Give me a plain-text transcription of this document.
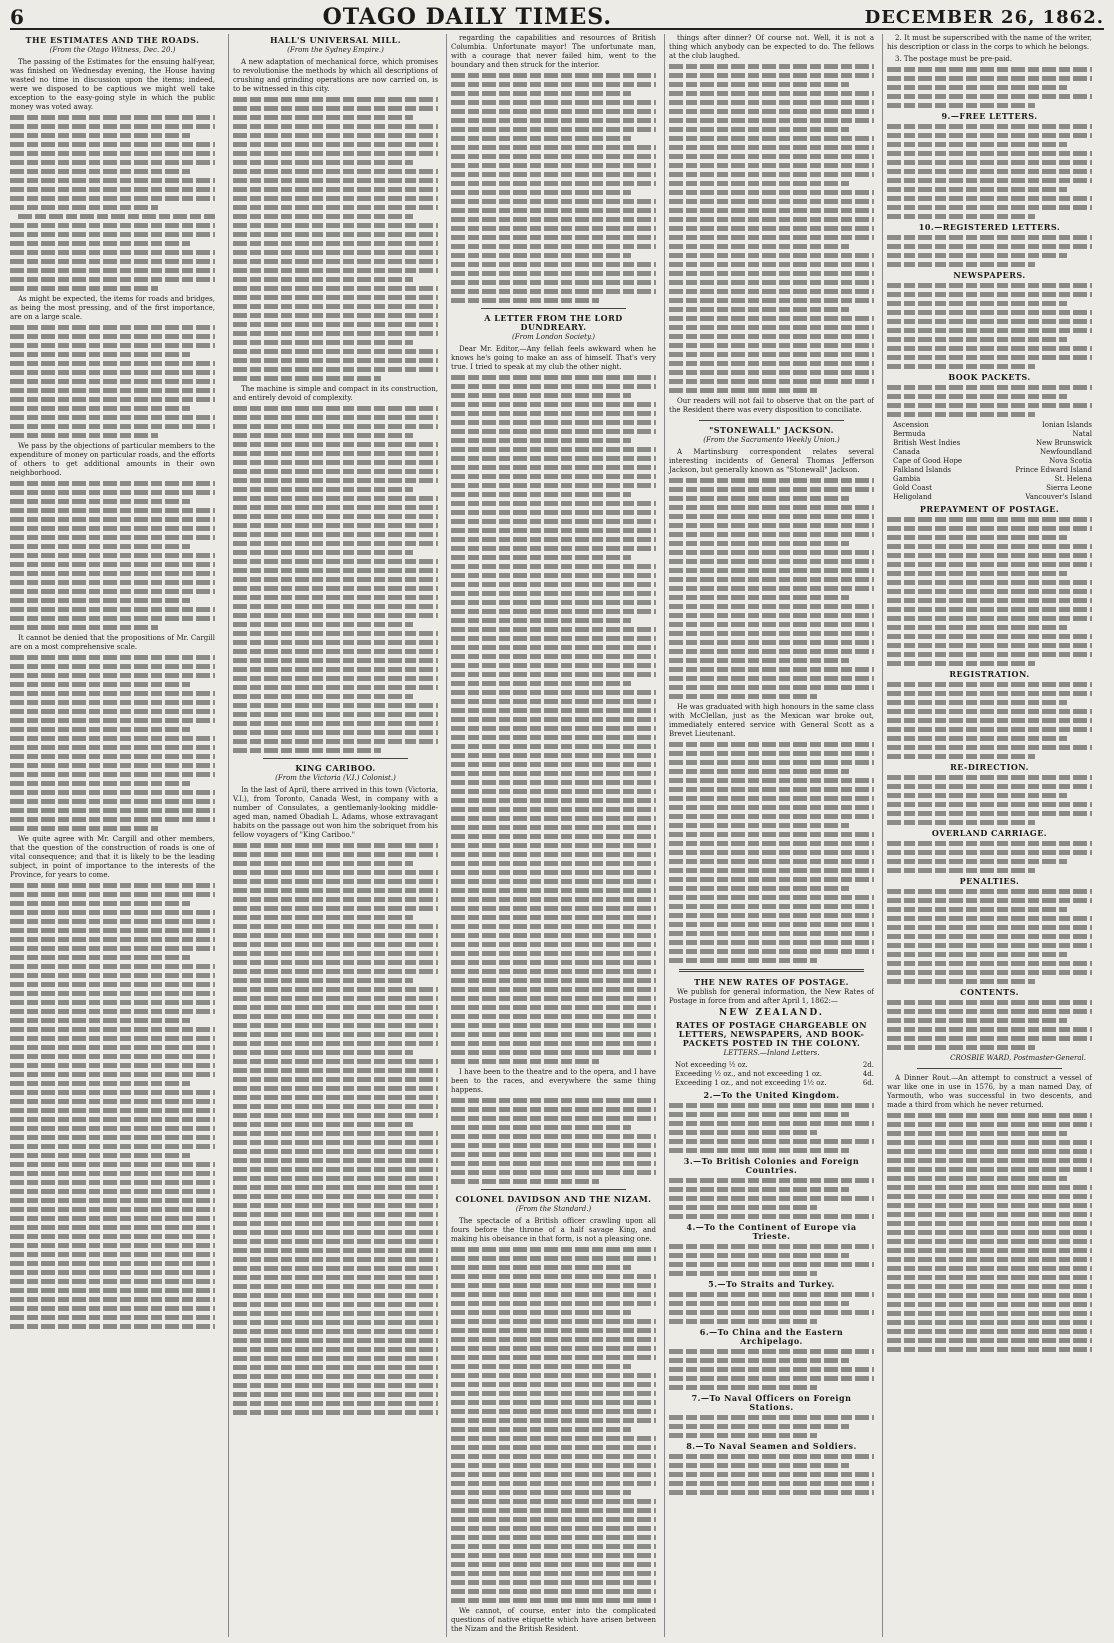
6	OTAGO DAILY TIMES.	DECEMBER 26, 1862.
THE ESTIMATES AND THE ROADS.
(From the Otago Witness, Dec. 20.)

The passing of the Estimates for the ensuing half-year, was finished on Wednesday evening, the House having wasted no time in discussion upon the items; indeed, were we disposed to be captious we might well take exception to the easy-going style in which the public money was voted away.

As might be expected, the items for roads and bridges, as being the most pressing, and of the first importance, are on a large scale.

We pass by the objections of particular members to the expenditure of money on particular roads, and the efforts of others to get additional amounts in their own neighborhood.

It cannot be denied that the propositions of Mr. Cargill are on a most comprehensive scale.

We quite agree with Mr. Cargill and other members, that the question of the construction of roads is one of vital consequence; and that it is likely to be the leading subject, in point of importance to the interests of the Province, for years to come.

HALL'S UNIVERSAL MILL.
(From the Sydney Empire.)

A new adaptation of mechanical force, which promises to revolutionise the methods by which all descriptions of crushing and grinding operations are now carried on, is to be witnessed in this city.

The machine is simple and compact in its construction, and entirely devoid of complexity.

KING CARIBOO.
(From the Victoria (V.I.) Colonist.)

In the last of April, there arrived in this town (Victoria, V.I.), from Toronto, Canada West, in company with a number of Consulates, a gentlemanly-looking middle-aged man, named Obadiah L. Adams, whose extravagant habits on the passage out won him the sobriquet from his fellow voyagers of "King Cariboo."

regarding the capabilities and resources of British Columbia. Unfortunate mayor! The unfortunate man, with a courage that never failed him, went to the boundary and then struck for the interior.

A LETTER FROM THE LORD DUNDREARY.
(From London Society.)

Dear Mr. Editor,—Any fellah feels awkward when he knows he's going to make an ass of himself. That's very true. I tried to speak at my club the other night.

I have been to the theatre and to the opera, and I have been to the races, and everywhere the same thing happens.

COLONEL DAVIDSON AND THE NIZAM.
(From the Standard.)

The spectacle of a British officer crawling upon all fours before the throne of a half savage King, and making his obeisance in that form, is not a pleasing one.

We cannot, of course, enter into the complicated questions of native etiquette which have arisen between the Nizam and the British Resident.

things after dinner? Of course not. Well, it is not a thing which anybody can be expected to do. The fellows at the club laughed.

Our readers will not fail to observe that on the part of the Resident there was every disposition to conciliate.

"STONEWALL" JACKSON.
(From the Sacramento Weekly Union.)

A Martinsburg correspondent relates several interesting incidents of General Thomas Jefferson Jackson, but generally known as "Stonewall" Jackson.

He was graduated with high honours in the same class with McClellan, just as the Mexican war broke out, immediately entered service with General Scott as a Brevet Lieutenant.

THE NEW RATES OF POSTAGE.

We publish for general information, the New Rates of Postage in force from and after April 1, 1862:—

NEW ZEALAND.
RATES OF POSTAGE CHARGEABLE ON LETTERS, NEWSPAPERS, AND BOOK-PACKETS POSTED IN THE COLONY.
LETTERS.—Inland Letters.
Not exceeding ½ oz.	2d.
Exceeding ½ oz., and not exceeding 1 oz.	4d.
Exceeding 1 oz., and not exceeding 1½ oz.	6d.
2.—To the United Kingdom.
3.—To British Colonies and Foreign Countries.
4.—To the Continent of Europe via Trieste.
5.—To Straits and Turkey.
6.—To China and the Eastern Archipelago.
7.—To Naval Officers on Foreign Stations.
8.—To Naval Seamen and Soldiers.

2. It must be superscribed with the name of the writer, his description or class in the corps to which he belongs.

3. The postage must be pre-paid.

9.—FREE LETTERS.
10.—REGISTERED LETTERS.
NEWSPAPERS.
BOOK PACKETS.
Ascension	Ionian Islands
Bermuda	Natal
British West Indies	New Brunswick
Canada	Newfoundland
Cape of Good Hope	Nova Scotia
Falkland Islands	Prince Edward Island
Gambia	St. Helena
Gold Coast	Sierra Leone
Heligoland	Vancouver's Island
PREPAYMENT OF POSTAGE.
REGISTRATION.
RE-DIRECTION.
OVERLAND CARRIAGE.
PENALTIES.
CONTENTS.
CROSBIE WARD, Postmaster-General.

A Dinner Rout.—An attempt to construct a vessel of war like one in use in 1576, by a man named Day, of Yarmouth, who was successful in two descents, and made a third from which he never returned.
